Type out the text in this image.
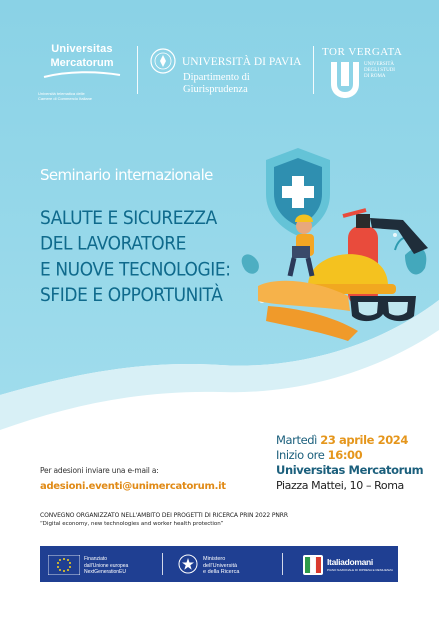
Universitas
Mercatorum
Università telematica delle Camere di Commercio Italiane
UNIVERSITÀ DI PAVIA
Dipartimento di
Giurisprudenza
TOR VERGATA
UNIVERSITÀ
DEGLI STUDI
DI ROMA
Seminario internazionale
SALUTE E SICUREZZA
DEL LAVORATORE
E NUOVE TECNOLOGIE:
SFIDE E OPPORTUNITÀ
Martedì 23 aprile 2024
Inizio ore 16:00
Universitas Mercatorum
Piazza Mattei, 10 – Roma
Per adesioni inviare una e-mail a:
adesioni.eventi@unimercatorum.it
CONVEGNO ORGANIZZATO NELL'AMBITO DEI PROGETTI DI RICERCA PRIN 2022 PNRR
“Digital economy, new technologies and worker health protection”
Finanziato
dall'Unione europea
NextGenerationEU
Ministero
dell'Università
e della Ricerca
Italiadomani
PIANO NAZIONALE DI RIPRESA E RESILIENZA
